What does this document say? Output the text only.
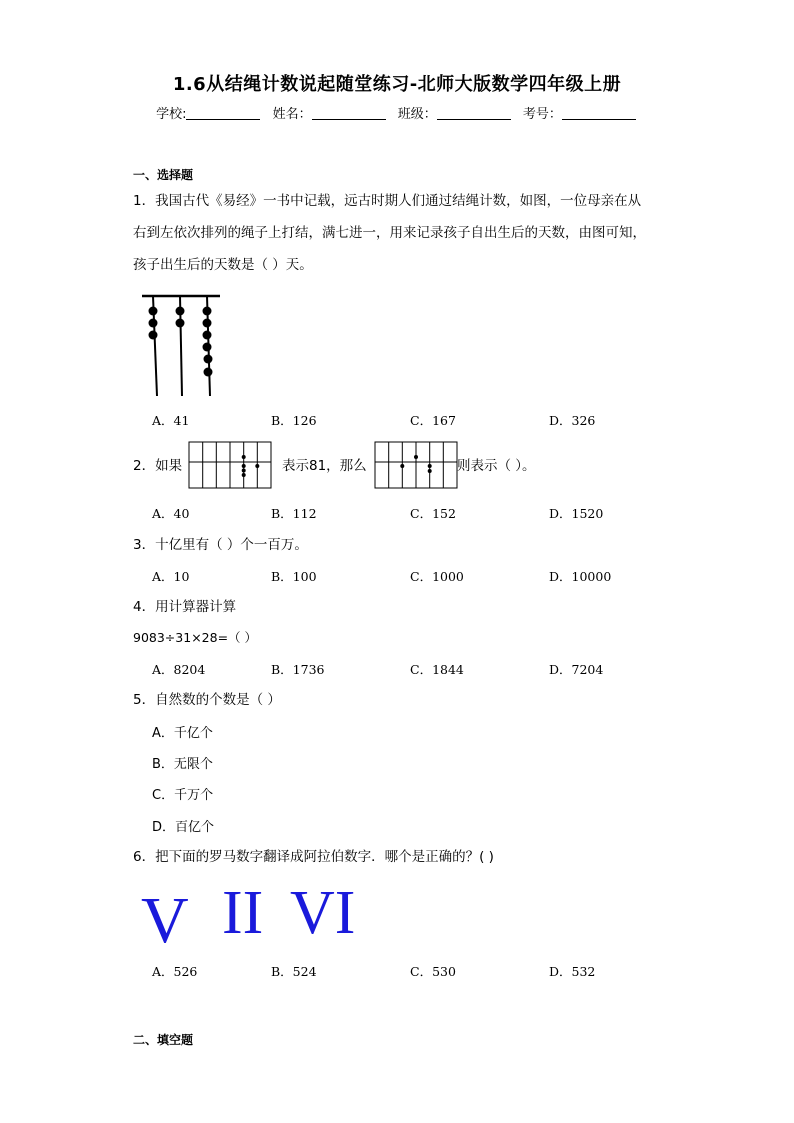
1.6从结绳计数说起随堂练习-北师大版数学四年级上册
学校:	姓名：	班级：	考号：
一、选择题
1．我国古代《易经》一书中记载，远古时期人们通过结绳计数，如图，一位母亲在从
右到左依次排列的绳子上打结，满七进一，用来记录孩子自出生后的天数，由图可知，
孩子出生后的天数是（ ）天。
A．41	B．126	C．167	D．326
2．如果	表示81，那么	则表示（ ）。
A．40	B．112	C．152	D．1520
3．十亿里有（ ）个一百万。
A．10	B．100	C．1000	D．10000
4．用计算器计算
9083÷31×28=（ ）
A．8204	B．1736	C．1844	D．7204
5．自然数的个数是（ ）
A．千亿个
B．无限个
C．千万个
D．百亿个
6．把下面的罗马数字翻译成阿拉伯数字．哪个是正确的？( )
V II VI
A．526	B．524	C．530	D．532
二、填空题
